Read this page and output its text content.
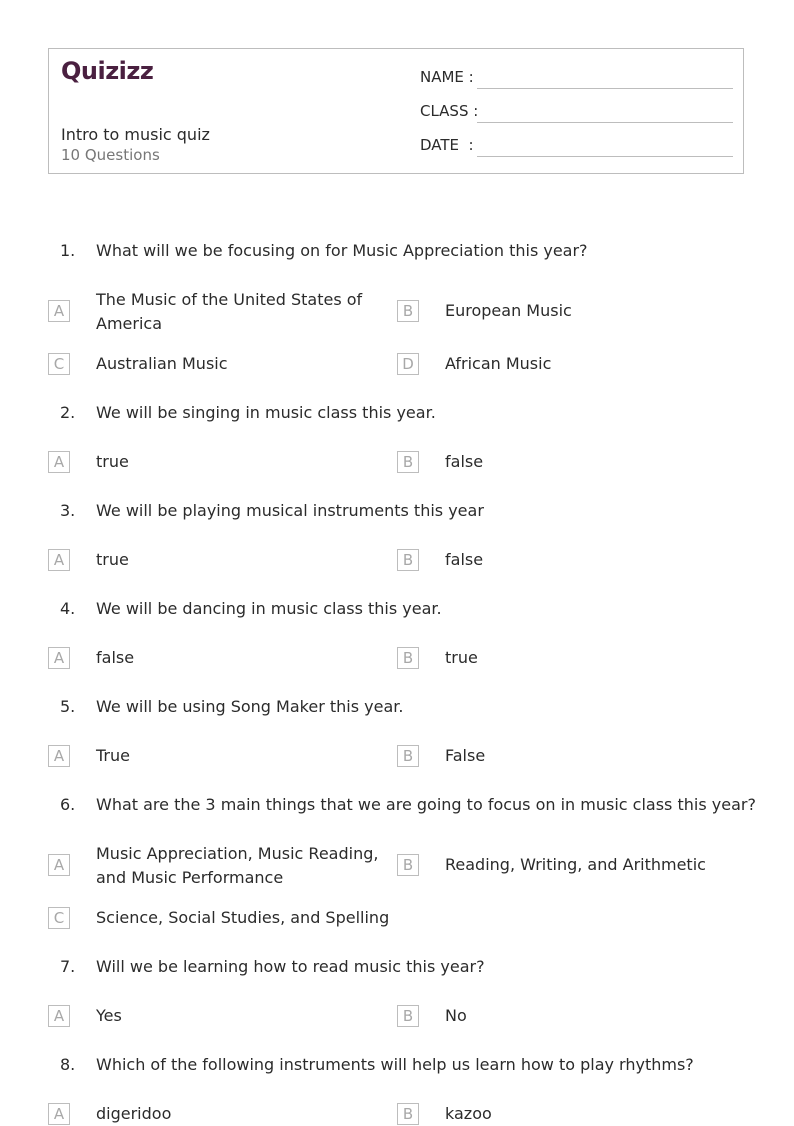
Quizizz
Intro to music quiz
10 Questions
NAME :
CLASS :
DATE  :
1. What will we be focusing on for Music Appreciation this year?
A
The Music of the United States of America
B	European Music
C	Australian Music	D	African Music
2. We will be singing in music class this year.
A	true	B	false
3. We will be playing musical instruments this year
A	true	B	false
4. We will be dancing in music class this year.
A	false	B	true
5. We will be using Song Maker this year.
A	True	B	False
6. What are the 3 main things that we are going to focus on in music class this year?
A
Music Appreciation, Music Reading, and Music Performance
B	Reading, Writing, and Arithmetic
C	Science, Social Studies, and Spelling
7. Will we be learning how to read music this year?
A	Yes	B	No
8. Which of the following instruments will help us learn how to play rhythms?
A	digeridoo	B	kazoo
